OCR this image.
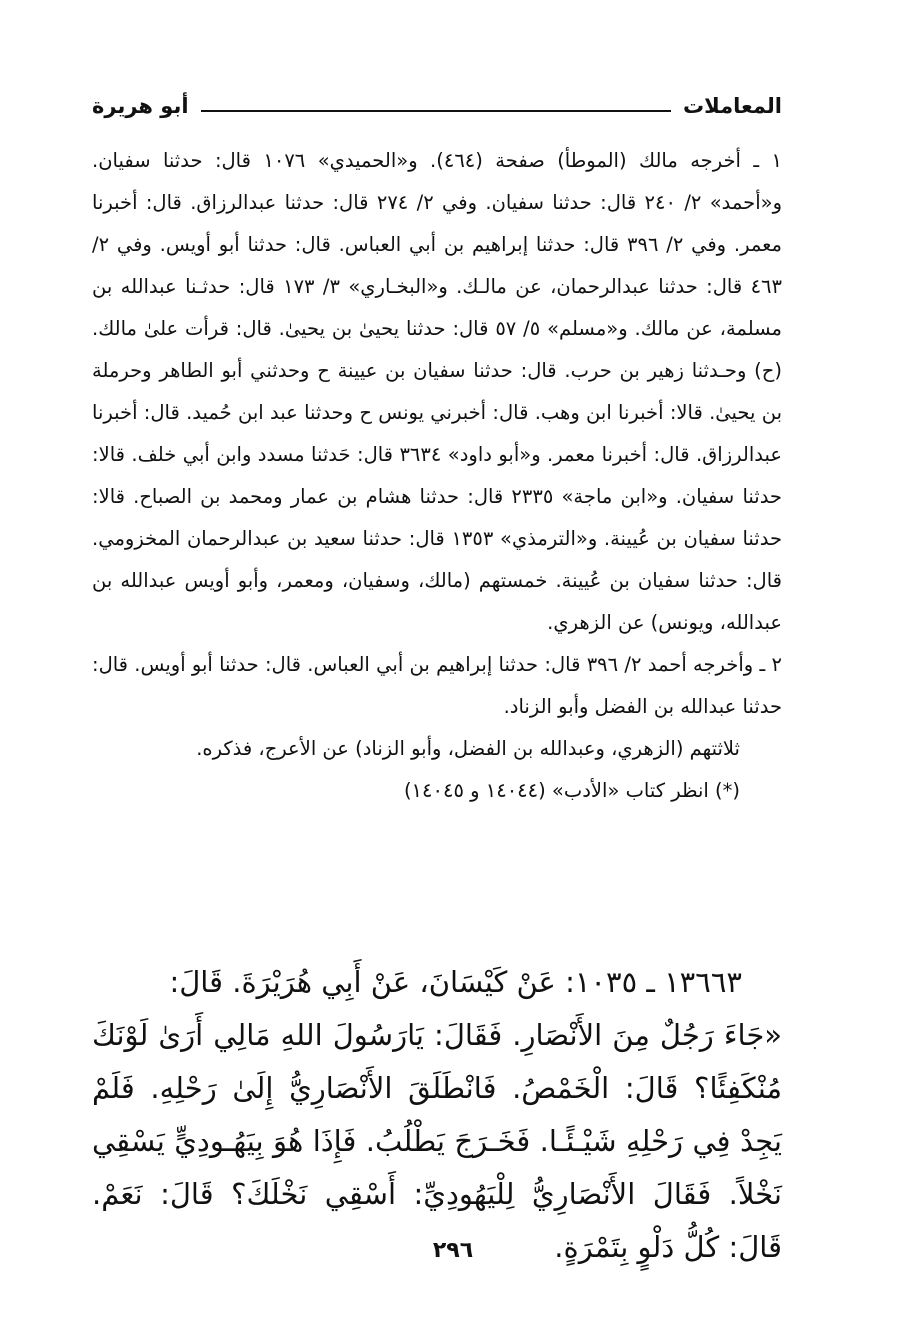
المعاملات
أبو هريرة

١ ـ أخرجه مالك (الموطأ) صفحة (٤٦٤). و«الحميدي» ١٠٧٦ قال: حدثنا سفيان. و«أحمد» ٢/ ٢٤٠ قال: حدثنا سفيان. وفي ٢/ ٢٧٤ قال: حدثنا عبدالرزاق. قال: أخبرنا معمر. وفي ٢/ ٣٩٦ قال: حدثنا إبراهيم بن أبي العباس. قال: حدثنا أبو أويس. وفي ٢/ ٤٦٣ قال: حدثنا عبدالرحمان، عن مالـك. و«البخـاري» ٣/ ١٧٣ قال: حدثـنا عبدالله بن مسلمة، عن مالك. و«مسلم» ٥/ ٥٧ قال: حدثنا يحيىٰ بن يحيىٰ. قال: قرأت علىٰ مالك. (ح) وحـدثنا زهير بن حرب. قال: حدثنا سفيان بن عيينة ح وحدثني أبو الطاهر وحرملة بن يحيىٰ. قالا: أخبرنا ابن وهب. قال: أخبرني يونس ح وحدثنا عبد ابن حُميد. قال: أخبرنا عبدالرزاق. قال: أخبرنا معمر. و«أبو داود» ٣٦٣٤ قال: حَدثنا مسدد وابن أبي خلف. قالا: حدثنا سفيان. و«ابن ماجة» ٢٣٣٥ قال: حدثنا هشام بن عمار ومحمد بن الصباح. قالا: حدثنا سفيان بن عُيينة. و«الترمذي» ١٣٥٣ قال: حدثنا سعيد بن عبدالرحمان المخزومي. قال: حدثنا سفيان بن عُيينة. خمستهم (مالك، وسفيان، ومعمر، وأبو أويس عبدالله بن عبدالله، ويونس) عن الزهري.

٢ ـ وأخرجه أحمد ٢/ ٣٩٦ قال: حدثنا إبراهيم بن أبي العباس. قال: حدثنا أبو أويس. قال: حدثنا عبدالله بن الفضل وأبو الزناد.

ثلاثتهم (الزهري، وعبدالله بن الفضل، وأبو الزناد) عن الأعرج، فذكره.

(*) انظر كتاب «الأدب» (١٤٠٤٤ و ١٤٠٤٥)

١٣٦٦٣ ـ ١٠٣٥: عَنْ كَيْسَانَ، عَنْ أَبِي هُرَيْرَةَ. قَالَ:

«جَاءَ رَجُلٌ مِنَ الأَنْصَارِ. فَقَالَ: يَارَسُولَ اللهِ مَالِي أَرَىٰ لَوْنَكَ مُنْكَفِئًا؟ قَالَ: الْخَمْصُ. فَانْطَلَقَ الأَنْصَارِيُّ إِلَىٰ رَحْلِهِ. فَلَمْ يَجِدْ فِي رَحْلِهِ شَيْـئًـا. فَخَـرَجَ يَطْلُبُ. فَإِذَا هُوَ بِيَهُـودِيٍّ يَسْقِي نَخْلاً. فَقَالَ الأَنْصَارِيُّ لِلْيَهُودِيِّ: أَسْقِي نَخْلَكَ؟ قَالَ: نَعَمْ. قَالَ: كُلُّ دَلْوٍ بِتَمْرَةٍ.

٢٩٦
